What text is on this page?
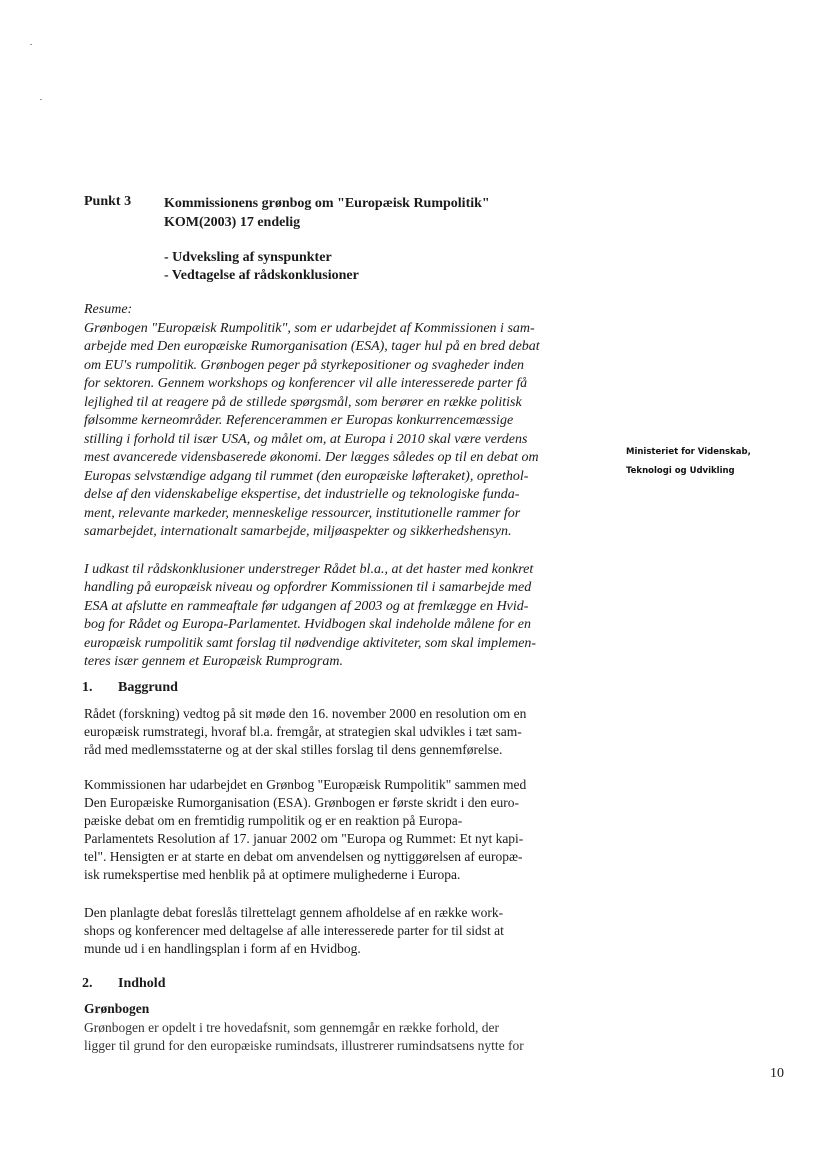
Punkt 3 Kommissionens grønbog om "Europæisk Rumpolitik"
KOM(2003) 17 endelig
- Udveksling af synspunkter
- Vedtagelse af rådskonklusioner
Resume:
Grønbogen "Europæisk Rumpolitik", som er udarbejdet af Kommissionen i sam-
arbejde med Den europæiske Rumorganisation (ESA), tager hul på en bred debat
om EU's rumpolitik. Grønbogen peger på styrkepositioner og svagheder inden
for sektoren. Gennem workshops og konferencer vil alle interesserede parter få
lejlighed til at reagere på de stillede spørgsmål, som berører en række politisk
følsomme kerneområder. Referencerammen er Europas konkurrencemæssige
stilling i forhold til især USA, og målet om, at Europa i 2010 skal være verdens
mest avancerede vidensbaserede økonomi. Der lægges således op til en debat om
Europas selvstændige adgang til rummet (den europæiske løfteraket), oprethol-
delse af den videnskabelige ekspertise, det industrielle og teknologiske funda-
ment, relevante markeder, menneskelige ressourcer, institutionelle rammer for
samarbejdet, internationalt samarbejde, miljøaspekter og sikkerhedshensyn.
I udkast til rådskonklusioner understreger Rådet bl.a., at det haster med konkret
handling på europæisk niveau og opfordrer Kommissionen til i samarbejde med
ESA at afslutte en rammeaftale før udgangen af 2003 og at fremlægge en Hvid-
bog for Rådet og Europa-Parlamentet. Hvidbogen skal indeholde målene for en
europæisk rumpolitik samt forslag til nødvendige aktiviteter, som skal implemen-
teres især gennem et Europæisk Rumprogram.
Ministeriet for Videnskab,
Teknologi og Udvikling
1. Baggrund
Rådet (forskning) vedtog på sit møde den 16. november 2000 en resolution om en
europæisk rumstrategi, hvoraf bl.a. fremgår, at strategien skal udvikles i tæt sam-
råd med medlemsstaterne og at der skal stilles forslag til dens gennemførelse.
Kommissionen har udarbejdet en Grønbog "Europæisk Rumpolitik" sammen med
Den Europæiske Rumorganisation (ESA). Grønbogen er første skridt i den euro-
pæiske debat om en fremtidig rumpolitik og er en reaktion på Europa-
Parlamentets Resolution af 17. januar 2002 om "Europa og Rummet: Et nyt kapi-
tel". Hensigten er at starte en debat om anvendelsen og nyttiggørelsen af europæ-
isk rumekspertise med henblik på at optimere mulighederne i Europa.
Den planlagte debat foreslås tilrettelagt gennem afholdelse af en række work-
shops og konferencer med deltagelse af alle interesserede parter for til sidst at
munde ud i en handlingsplan i form af en Hvidbog.
2. Indhold
Grønbogen
Grønbogen er opdelt i tre hovedafsnit, som gennemgår en række forhold, der
ligger til grund for den europæiske rumindsats, illustrerer rumindsatsens nytte for
10
